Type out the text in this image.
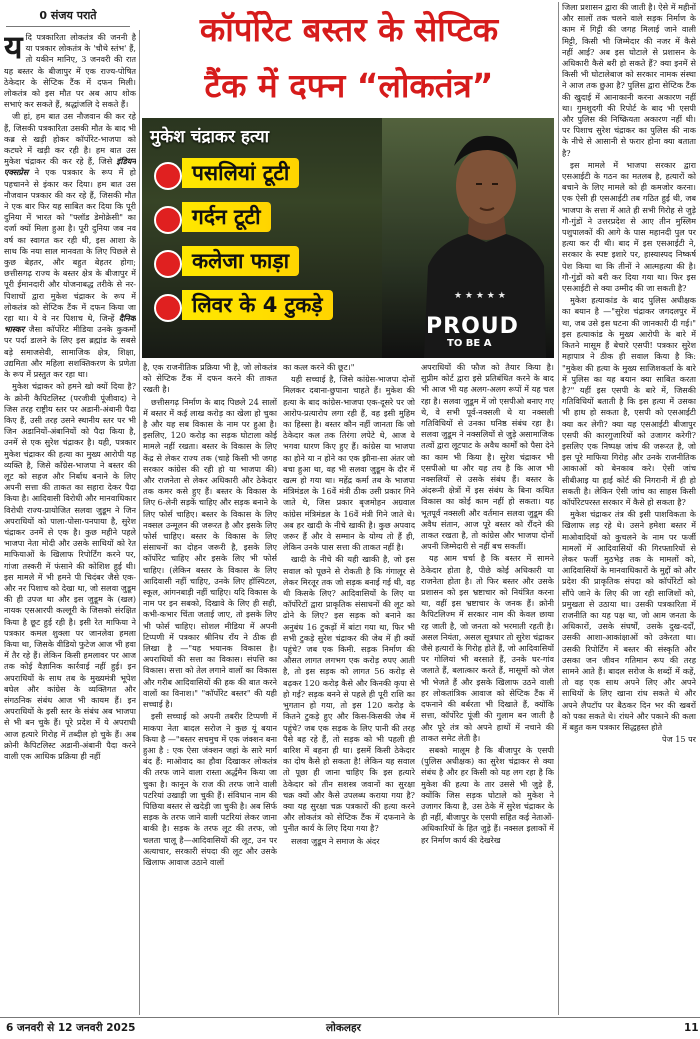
0 संजय पराते	कॉर्पोरेट बस्तर के सेप्टिक
टैंक में दफ्न “लोकतंत्र”
★ ★ ★ ★ ★
मुकेश चंद्राकर हत्या
पसलियां टूटी
गर्दन टूटी
कलेजा फाड़ा
लिवर के 4 टुकड़े
PROUD
TO BE A

यदि पत्रकारिता लोकतंत्र की जननी है या पत्रकार लोकतंत्र के 'चौथे स्तंभ' हैं, तो यकीन मानिए, 3 जनवरी की रात यह बस्तर के बीजापुर में एक राज्य-पोषित ठेकेदार के सेप्टिक टैंक में दफन मिली। लोकतंत्र को इस मौत पर अब आप शोक सभाएं कर सकते हैं, श्रद्धांजलि दे सकते हैं।

जी हां, हम बात उस नौजवान की कर रहे हैं, जिसकी पत्रकारिता उसकी मौत के बाद भी कब्र से खड़ी होकर कॉर्पोरेट-भाजपा को कटघरे में खड़ी कर रही है। हम बात उस मुकेश चंद्राकर की कर रहे हैं, जिसे इंडियन एक्सप्रेस ने एक पत्रकार के रूप में हो पहचानने से इंकार कर दिया। हम बात उस नौजवान पत्रकार की कर रहे हैं, जिसकी मौत ने एक बार फिर यह साबित कर दिया कि पूरी दुनिया में भारत को "फ्लॉड डेमोक्रेसी" का दर्जा क्यों मिला हुआ है। पूरी दुनिया जब नव वर्ष का स्वागत कर रही थी, इस आशा के साथ कि नया साल मानवता के लिए पिछले से कुछ बेहतर, और बहुत बेहतर होगा; छत्तीसगढ़ राज्य के बस्तर क्षेत्र के बीजापुर में पूरी ईमानदारी और योजनाबद्ध तरीके से नर-पिशाचों द्वारा मुकेश चंद्राकर के रूप में लोकतंत्र को सेप्टिक टैंक में दफन किया जा रहा था। ये वे नर पिशाच थे, जिन्हें दैनिक भास्कर जैसा कॉर्पोरेट मीडिया उनके कुकर्मों पर पर्दा डालने के लिए इस ब्रह्मांड के सबसे बड़े समाजसेवी, सामाजिक क्षेत्र, शिक्षा, उद्यमिता और महिला सशक्तिकरण के प्रणेता के रूप में प्रस्तुत कर रहा था।

मुकेश चंद्राकर को हमने खो क्यों दिया है? के क्रोनी कैपिटलिस्ट (परजीवी पूंजीवाद) ने जिस तरह राष्ट्रीय स्तर पर अडानी-अंबानी पैदा किए हैं, उसी तरह उसने स्थानीय स्तर पर भी जिन अडानियों-अंबानियों को पैदा किया है, उनमें से एक सुरेश चंद्राकर है। यही, पत्रकार मुकेश चंद्राकर की हत्या का मुख्य आरोपी यह व्यक्ति है, जिसे कॉंग्रेस-भाजपा ने बस्तर की लूट को सहज और निर्बाध बनाने के लिए अपनी सत्ता की ताकत का सहारा देकर पैदा किया है। आदिवासी विरोधी और मानवाधिकार विरोधी राज्य-प्रायोजित सलवा जुडूम ने जिन अपराधियों को पाला-पोसा-पनपाया है, सुरेश चंद्राकर उनमें से एक है। कुछ महीने पहले भाजपा नेता मोदी और उसके साथियों को रेत माफियाओं के खिलाफ रिपोर्टिंग करने पर, गांजा तस्करी में फंसाने की कोशिश हुई थी। इस मामले में भी हमने पी चिदंबर जैसे एक-और नर पिशाच को देखा था, जो सलवा जुडूम की ही उपज था और इस जुडूम के (खल) नायक एसआरपी कल्लूरी के जिसको संरक्षित किया है छूट हुई रही है। इसी रेत माफिया ने पत्रकार कमल शुक्ला पर जानलेवा हमला किया था, जिसके वीडियो फुटेज आज भी हवा में तैर रहे हैं। लेकिन किसी हमलावर पर आज तक कोई वैज्ञानिक कार्रवाई नहीं हुई। इन अपराधियों के साथ तब के मुख्यमंत्री भूपेश बघेल और कांग्रेस के व्यक्तिगत और संगठनिक संबंध आज भी कायम हैं। इन अपराधियों के इसी स्तर के संबंध अब भाजपा से भी बन चुके हैं। पूरे प्रदेश में ये अपराधी आज हत्यारे गिरोह में तब्दील हो चुके हैं। अब क्रोनी कैपिटलिस्ट अडानी-अंबानी पैदा करने वाली एक आधिक प्रक्रिया ही नहीं

है, एक राजनीतिक प्रक्रिया भी है, जो लोकतंत्र को सेप्टिक टैंक में दफन करने की ताकत रखती है।

छत्तीसगढ़ निर्माण के बाद पिछले 24 सालों में बस्तर में कई लाख करोड़ का खेला हो चुका है और यह सब विकास के नाम पर हुआ है। इसलिए, 120 करोड़ का सड़क घोटाला कोई मामले नहीं रखता। बस्तर के विकास के लिए केंद्र से लेकर राज्य तक (चाहे किसी भी जगह सरकार कांग्रेस की रही हो या भाजपा की) और राजनेता से लेकर अधिकारी और ठेकेदार तक कमर कसे हुए हैं। बस्तर के विकास के लिए 6-लेनी सड़कें चाहिए और सड़क बनाने के लिए फोर्स चाहिए। बस्तर के विकास के लिए नक्सल उन्मूलन की जरूरत है और इसके लिए फोर्स चाहिए। बस्तर के विकास के लिए संसाधनों का दोहन जरूरी है, इसके लिए कॉर्पोरेट चाहिए और इसके लिए भी फोर्स चाहिए। (लेकिन बस्तर के विकास के लिए आदिवासी नहीं चाहिए, उनके लिए हॉस्पिटल, स्कूल, आंगनबाड़ी नहीं चाहिए। यदि विकास के नाम पर इन सबको, दिखावे के लिए ही सही, कभी-कभार चिंता जताई जाए, तो इसके लिए भी फोर्स चाहिए। सोशल मीडिया में अपनी टिप्पणी में पत्रकार श्रीनिध राँय ने ठीक ही लिखा है —"यह भयानक विकास है। अपराधियों की सत्ता का विकास। संपत्ति का विकास। सत्ता को तेल लगाने वालों का विकास और गरीब आदिवासियों की हक की बात करने वालों का विनाश।" "कॉर्पोरेट बस्तर" की यही सच्चाई है।

इसी सच्चाई को अपनी तबरीर टिप्पणी में माकपा नेता बादल सरोज ने कुछ यूं बयान किया है —"बस्तर सचमुच में एक जंक्शन बना हुआ है : एक ऐसा जंक्शन जहां के सारे मार्ग बंद हैं: माओवाद का हौवा दिखाकर लोकतंत्र की तरफ जाने वाला रास्ता अर्द्धमैन किया जा चुका है। कानून के राज की तरफ जाने वाली पटरियां उखाड़ी जा चुकी हैं। संविधान नाम की पिछिया बस्तर से खदेड़ी जा चुकी है। अब सिर्फ सड़क के तरफ जाने वाली पटरियां लेकर जाना बाकी है। सड़क के तरफ लूट की तरफ, जो चलता चालू है—आदिवासियों की लूट, उन पर अत्याचार, सरकारी संपदा की लूट और उसके खिलाफ आवाज उठाने वालों

का कत्ल करने की छूट।"

यही सच्चाई है, जिसे कांग्रेस-भाजपा दोनों मिलकर दबाना-छुपाना चाहते हैं। मुकेश की हत्या के बाद कांग्रेस-भाजपा एक-दूसरे पर जो आरोप-प्रत्यारोप लगा रही हैं, वह इसी मुहिम का हिस्सा है। बस्तर कौन नहीं जानता कि जो ठेकेदार कल तक तिरंगा लपेटे थे, आज वे भगवा धारण किए हुए हैं। कांग्रेस या भाजपा का होने या न होने का एक झीना-सा अंतर जो बचा हुआ था, वह भी सलवा जुडूम के दौर में खत्म हो गया था। महेंद्र कर्मा तब के भाजपा मंत्रिमंडल के 16वें मंत्री ठीक उसी प्रकार गिने जाते थे, जिस प्रकार बृजमोहन अग्रवाल कांग्रेस मंत्रिमंडल के 16वें मंत्री गिने जाते थे। अब हर खादी के नीचे खाकी है। कुछ अपवाद जरूर हैं और वे सम्मान के योग्य तो हैं ही, लेकिन उनके पास सत्ता की ताकत नहीं है।

खादी के नीचे की यही खाकी है, जो इस सवाल को पूछने से रोकती है कि गंगालूर से लेकर मिरतूर तक जो सड़क बनाई गई थी, वह थी किसके लिए? आदिवासियों के लिए या कॉर्पोरेटों द्वारा प्राकृतिक संसाधनों की लूट को ढोने के लिए? इस सड़क को बनाने का अनुबंध 16 टुकड़ों में बांटा गया था, फिर भी सभी टुकड़े सुरेश चंद्राकर की जेब में ही क्यों पहुंचे? जब एक किमी. सड़क निर्माण की औसत लागत लगभग एक करोड़ रुपए आती है, तो इस सड़क को लागत 56 करोड़ से बढ़कर 120 करोड़ कैसे और किनकी कृपा से हो गई? सड़क बनने से पहले ही पूरी राशि का भुगतान हो गया, तो इस 120 करोड़ के कितने टुकड़े हुए और किस-किसकी जेब में पहुंचे? जब एक सड़क के लिए पानी की तरह पैसे बह रहे हैं, तो सड़क को भी पहली ही बारिश में बहना ही था। इसमें किसी ठेकेदार का दोष कैसे हो सकता है! लेकिन यह सवाल तो पूछा ही जाना चाहिए कि इस हत्यारे ठेकेदार को तीन सशस्त्र जवानों का सुरक्षा चक्र क्यों और कैसे उपलब्ध कराया गया है? क्या यह सुरक्षा चक्र पत्रकारों की हत्या करने और लोकतंत्र को सेप्टिक टैंक में दफनाने के पुनीत कार्य के लिए दिया गया है?

सलवा जुडूम ने समाज के अंदर

अपराधियों की फौज को तैयार किया है। सुप्रीम कोर्ट द्वारा इसे प्रतिबंधित करने के बाद भी आज भी यह अलग-अलग रूपों में यह चल रहा है। सलवा जुडूम में जो एसपीओ बनाए गए थे, वे सभी पूर्व-नक्सली थे या नक्सली गतिविधियों से उनका घनिष्ठ संबंध रहा है। सलवा जुडूम ने नक्सलियों से जुड़े असामाजिक तत्वों द्वारा लूटपाट के अवैध कार्मों को पैसा देने का काम भी किया है। सुरेश चंद्राकर भी एसपीओ था और यह तय है कि आज भी नक्सलियों से उसके संबंध हैं। बस्तर के अंदरूनी क्षेत्रों में इस संबंध के बिना कथित विकास का कोई काम नहीं हो सकता। यह भूतपूर्व नक्सली और वर्तमान सलवा जुडूम की अवैध संतान, आज पूरे बस्तर को रौंदने की ताकत रखता है, तो कांग्रेस और भाजपा दोनों अपनी जिम्मेदारी से नहीं बच सकतीं।

यह आम चर्चा है कि बस्तर में सामने ठेकेदार होता है, पीछे कोई अधिकारी या राजनेता होता है। तो फिर बस्तर और उसके प्रशासन को इस भ्रष्टाचार को नियंत्रित करना था, वहीं इस भ्रष्टाचार के जनक हैं। क्रोनी कैपिटलिज्म में सरकार नाम की केवल छाया रह जाती है, जो जनता को भरमाती रहती है। असल नियंता, असल सूत्रधार तो सुरेश चंद्राकर जैसे हत्यारों के गिरोह होते हैं, जो आदिवासियों पर गोलियां भी बरसाते हैं, उनके घर-गांव जलाते हैं, बलात्कार करते हैं, मासूमों को जेल भी भेजते हैं और इसके खिलाफ उठने वाली हर लोकतांत्रिक आवाज को सेप्टिक टैंक में दफनाने की बर्बरता भी दिखाते हैं, क्योंकि सत्ता, कॉर्पोरेट पूंजी की गुलाम बन जाती है और पूरे तंत्र को अपने हाथों में नचाने की ताकत समेट लेती है।

सबको मालूम है कि बीजापुर के एसपी (पुलिस अधीक्षक) का सुरेश चंद्राकर से क्या संबंध है और हर किसी को यह लग रहा है कि मुकेश की हत्या के तार उससे भी जुड़े हैं, क्योंकि जिस सड़क घोटाले को मुकेश ने उजागर किया है, उस ठेके में सुरेश चंद्राकर के ही नहीं, बीजापुर के एसपी सहित कई नेताओं-अधिकारियों के हित जुड़े हैं। नक्सल इलाकों में हर निर्माण कार्य की देखरेख

जिला प्रशासन द्वारा की जाती है। ऐसे में महीनों और सालों तक चलने वाले सड़क निर्माण के काम में गिट्टी की जगह मिलाई जाने वाली मिट्टी, किसी भी जिम्मेदार की नजर में कैसे नहीं आई? अब इस घोटाले से प्रशासन के अधिकारी कैसे बरी हो सकते हैं? क्या इनमें से किसी भी घोटालेबाज को सरकार नामक संस्था ने आज तक छुआ है? पुलिस द्वारा सेप्टिक टैंक की खुदाई में आनाकानी करना अकारण नहीं था। गुमशुदगी की रिपोर्ट के बाद भी एसपी और पुलिस की निष्क्रियता अकारण नहीं थी। पर पिशाच सुरेश चंद्राकर का पुलिस की नाक के नीचे से आसानी से फरार होना क्या बताता है?

इस मामले में भाजपा सरकार द्वारा एसआईटी के गठन का मतलब है, हत्यारों को बचाने के लिए मामले को ही कमजोर करना। एक ऐसी ही एसआईटी तब गठित हुई थी, जब भाजपा के सत्ता में आते ही सभी गिरोह से जुड़े गौ-गुंडों ने उत्तरप्रदेश से आए तीन मुस्लिम पशुपालकों की आगे के पास महानदी पुल पर हत्या कर दी थी। बाद में इस एसआईटी ने, सरकार के स्पष्ट इशारे पर, हास्यास्पद निष्कर्ष पेश किया था कि तीनों ने आत्महत्या की है। गौ-गुंडों को बरी कर दिया गया था। फिर इस एसआईटी से क्या उम्मीद की जा सकती है?

मुकेश हत्याकांड के बाद पुलिस अधीक्षक का बयान है —"सुरेश चंद्राकर जगदलपुर में था, जब उसे इस घटना की जानकारी दी गई।" इस हत्याकांड के मुख्य आरोपी के बारे में कितने मासूम हैं बेचारे एसपी! पत्रकार सुरेश महापात्र ने ठीक ही सवाल किया है कि: "मुकेश की हत्या के मुख्य साजिशकर्ता के बारे में पुलिस का यह बयान क्या साबित करता है?" यहीं इस एसपी के बारे में, जिसकी गतिविधियों बताती है कि इस हत्या में उसका भी हाथ हो सकता है, एसपी को एसआईटी क्या कर लेगी? क्या यह एसआईटी बीजापुर एसपी की कारगुजारियों को उजागर करेगी? इसलिए एक निष्पक्ष जांच की जरूरत है, जो इस पूरे माफिया गिरोह और उनके राजनीतिक आकाओं को बेनकाब करे। ऐसी जांच सीबीआइ या हाई कोर्ट की निगरानी में ही हो सकती है। लेकिन ऐसी जांच का साहस किसी कॉर्पोरेटपरस्त सरकार में कैसे हो सकता है?

मुकेश चंद्राकर तंत्र की इसी पाशविकता के खिलाफ लड़ रहे थे। उसने हमेशा बस्तर में माओवादियों को कुचलने के नाम पर फर्जी मामलों में आदिवासियों की गिरफ्तारियों से लेकर फर्जी मुठभेड़ तक के मामलों को, आदिवासियों के मानवाधिकारों के मुद्दों को और प्रदेश की प्राकृतिक संपदा को कॉर्पोरेटों को सौंपे जाने के लिए की जा रही साजिशों को, प्रमुखता से उठाया था। उसकी पत्रकारिता में राजनीति का यह पक्ष था, जो आम जनता के अधिकारों, उसके संघर्षों, उसके दुख-दर्दों, उसकी आशा-आकांक्षाओं को उकेरता था। उसकी रिपोर्टिंग में बस्तर की संस्कृति और उसका जन जीवन गतिमान रूप की तरह सामने आते हैं। बादल सरोज के शब्दों में कहें, तो वह एक साथ अपने लिए और अपने साथियों के लिए खाना रांध सकते थे और अपने लैपटॉप पर बैठकर दिन भर की खबरों को पका सकते थे। रांधने और पकाने की कला में बहुत कम पत्रकार सिद्धहस्त होते

पेज 15 पर

6 जनवरी से 12 जनवरी 2025	लोकलहर	11
